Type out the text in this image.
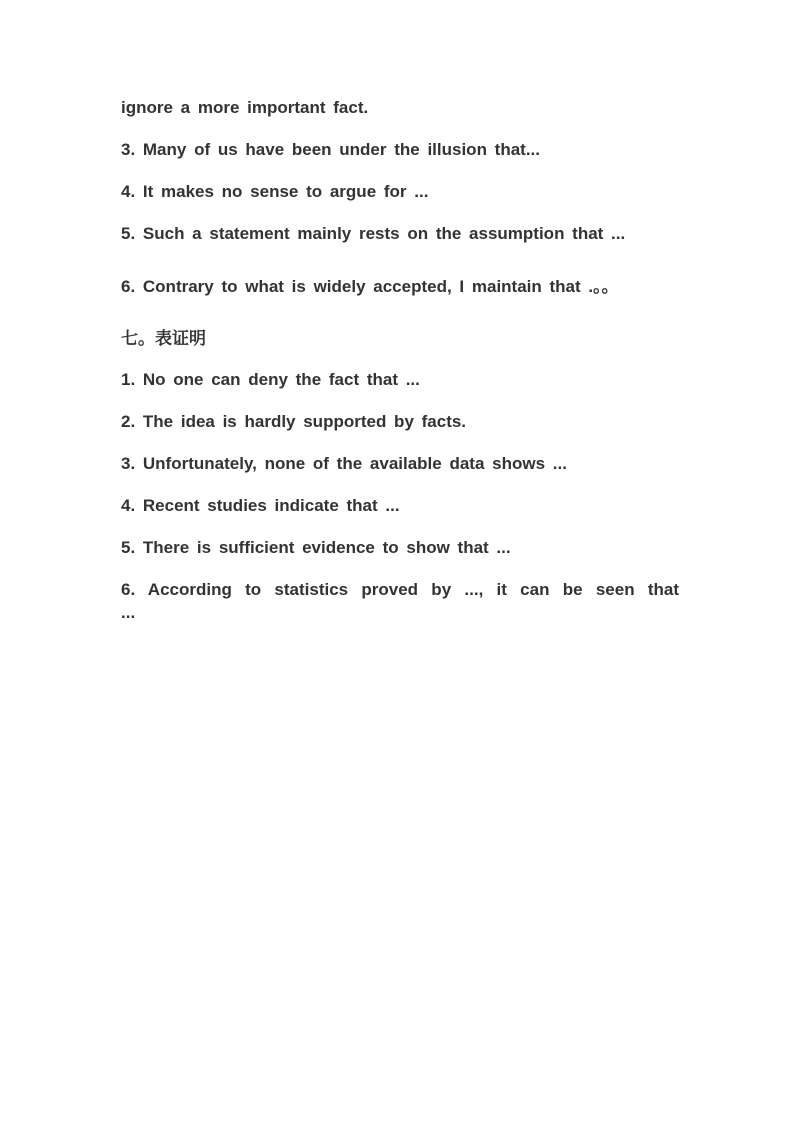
ignore a more important fact.
3. Many of us have been under the illusion that...
4. It makes no sense to argue for ...
5. Such a statement mainly rests on the assumption that ...
6. Contrary to what is widely accepted, I maintain that .。。
七。表证明
1. No one can deny the fact that ...
2. The idea is hardly supported by facts.
3. Unfortunately, none of the available data shows ...
4. Recent studies indicate that ...
5. There is sufficient evidence to show that ...
6. According to statistics proved by ..., it can be seen that
...
